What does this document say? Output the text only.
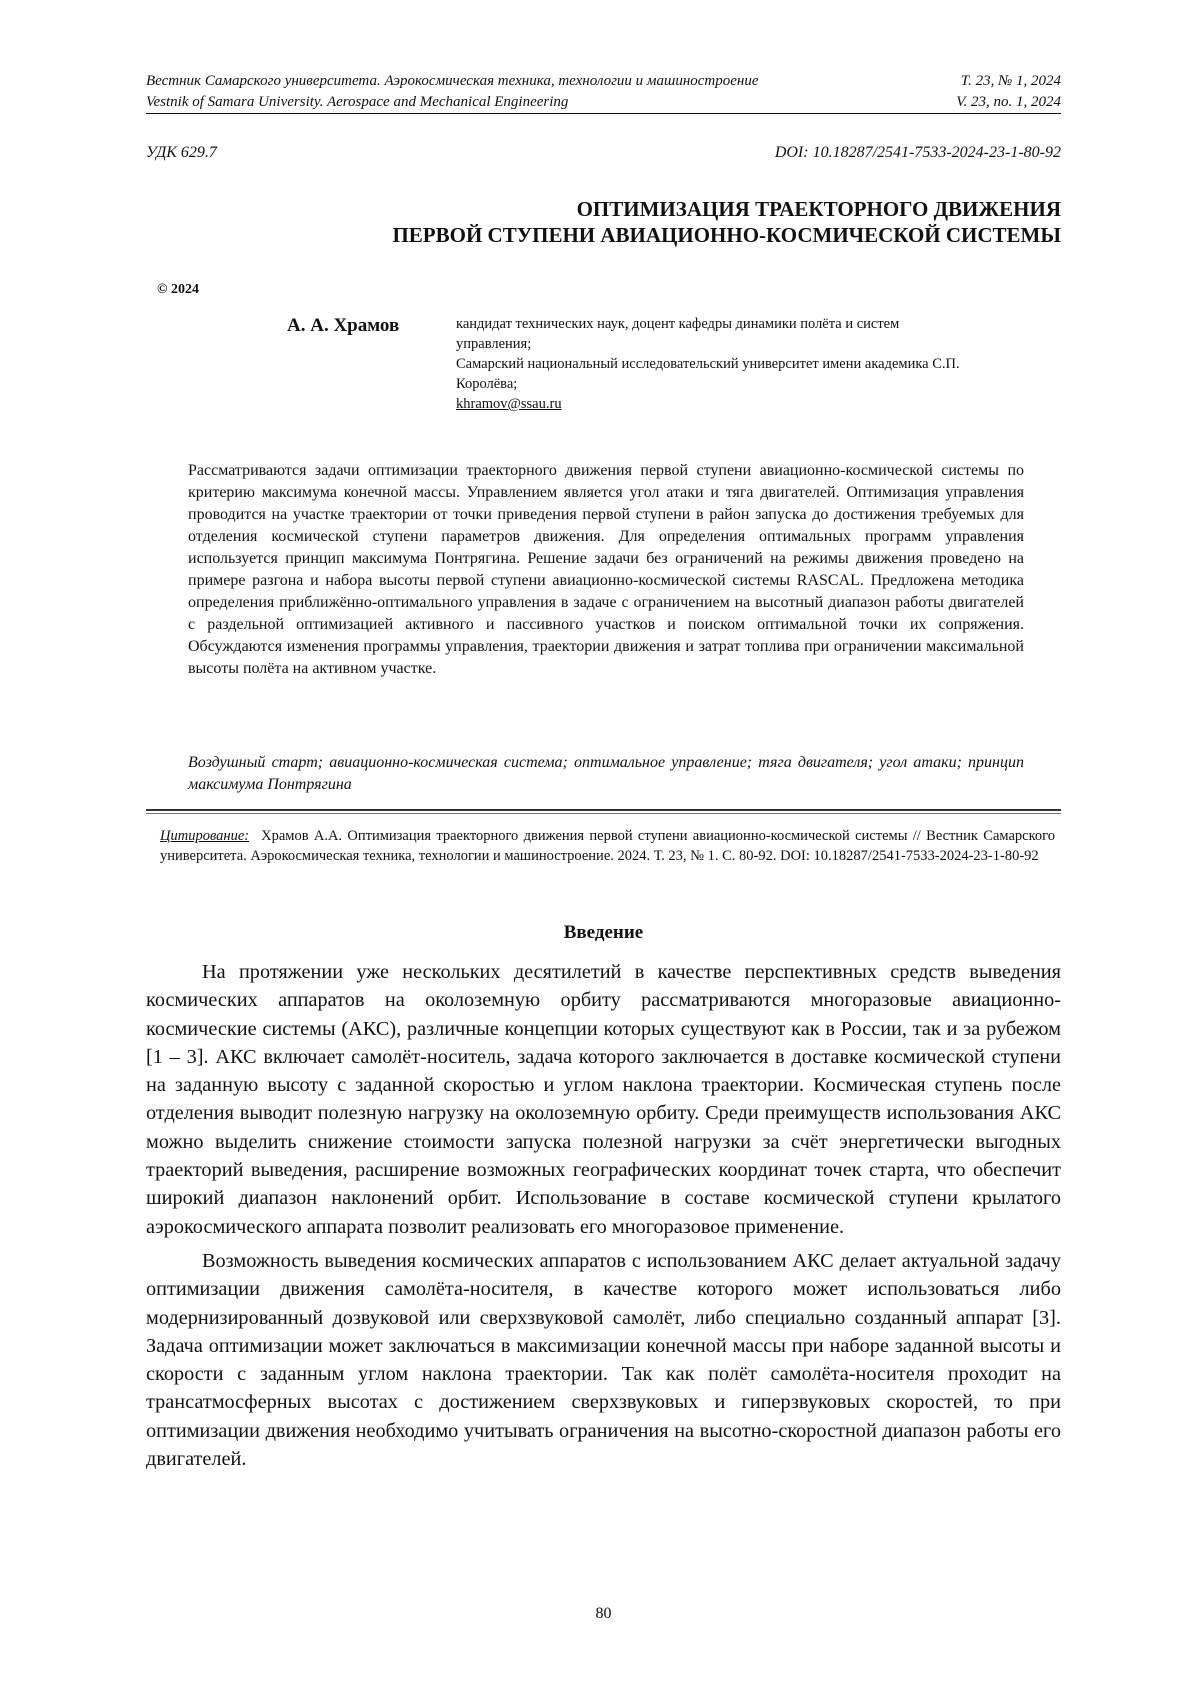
Вестник Самарского университета. Аэрокосмическая техника, технологии и машиностроение	Т. 23, № 1, 2024
Vestnik of Samara University. Aerospace and Mechanical Engineering	V. 23, no. 1, 2024
УДК 629.7	DOI: 10.18287/2541-7533-2024-23-1-80-92
ОПТИМИЗАЦИЯ ТРАЕКТОРНОГО ДВИЖЕНИЯ
ПЕРВОЙ СТУПЕНИ АВИАЦИОННО-КОСМИЧЕСКОЙ СИСТЕМЫ
© 2024
А. А. Храмов	кандидат технических наук, доцент кафедры динамики полёта и систем управления;
Самарский национальный исследовательский университет имени академика С.П. Королёва;
khramov@ssau.ru
Рассматриваются задачи оптимизации траекторного движения первой ступени авиационно-космической системы по критерию максимума конечной массы. Управлением является угол атаки и тяга двигателей. Оптимизация управления проводится на участке траектории от точки приведения первой ступени в район запуска до достижения требуемых для отделения космической ступени параметров движения. Для определения оптимальных программ управления используется принцип максимума Понтрягина. Решение задачи без ограничений на режимы движения проведено на примере разгона и набора высоты первой ступени авиационно-космической системы RASCAL. Предложена методика определения приближённо-оптимального управления в задаче с ограничением на высотный диапазон работы двигателей с раздельной оптимизацией активного и пассивного участков и поиском оптимальной точки их сопряжения. Обсуждаются изменения программы управления, траектории движения и затрат топлива при ограничении максимальной высоты полёта на активном участке.
Воздушный старт; авиационно-космическая система; оптимальное управление; тяга двигателя; угол атаки; принцип максимума Понтрягина
Цитирование: Храмов А.А. Оптимизация траекторного движения первой ступени авиационно-космической системы // Вестник Самарского университета. Аэрокосмическая техника, технологии и машиностроение. 2024. Т. 23, № 1. С. 80-92. DOI: 10.18287/2541-7533-2024-23-1-80-92
Введение

На протяжении уже нескольких десятилетий в качестве перспективных средств выведения космических аппаратов на околоземную орбиту рассматриваются многоразовые авиационно-космические системы (АКС), различные концепции которых существуют как в России, так и за рубежом [1 – 3]. АКС включает самолёт-носитель, задача которого заключается в доставке космической ступени на заданную высоту с заданной скоростью и углом наклона траектории. Космическая ступень после отделения выводит полезную нагрузку на околоземную орбиту. Среди преимуществ использования АКС можно выделить снижение стоимости запуска полезной нагрузки за счёт энергетически выгодных траекторий выведения, расширение возможных географических координат точек старта, что обеспечит широкий диапазон наклонений орбит. Использование в составе космической ступени крылатого аэрокосмического аппарата позволит реализовать его многоразовое применение.

Возможность выведения космических аппаратов с использованием АКС делает актуальной задачу оптимизации движения самолёта-носителя, в качестве которого может использоваться либо модернизированный дозвуковой или сверхзвуковой самолёт, либо специально созданный аппарат [3]. Задача оптимизации может заключаться в максимизации конечной массы при наборе заданной высоты и скорости с заданным углом наклона траектории. Так как полёт самолёта-носителя проходит на трансатмосферных высотах с достижением сверхзвуковых и гиперзвуковых скоростей, то при оптимизации движения необходимо учитывать ограничения на высотно-скоростной диапазон работы его двигателей.

80
